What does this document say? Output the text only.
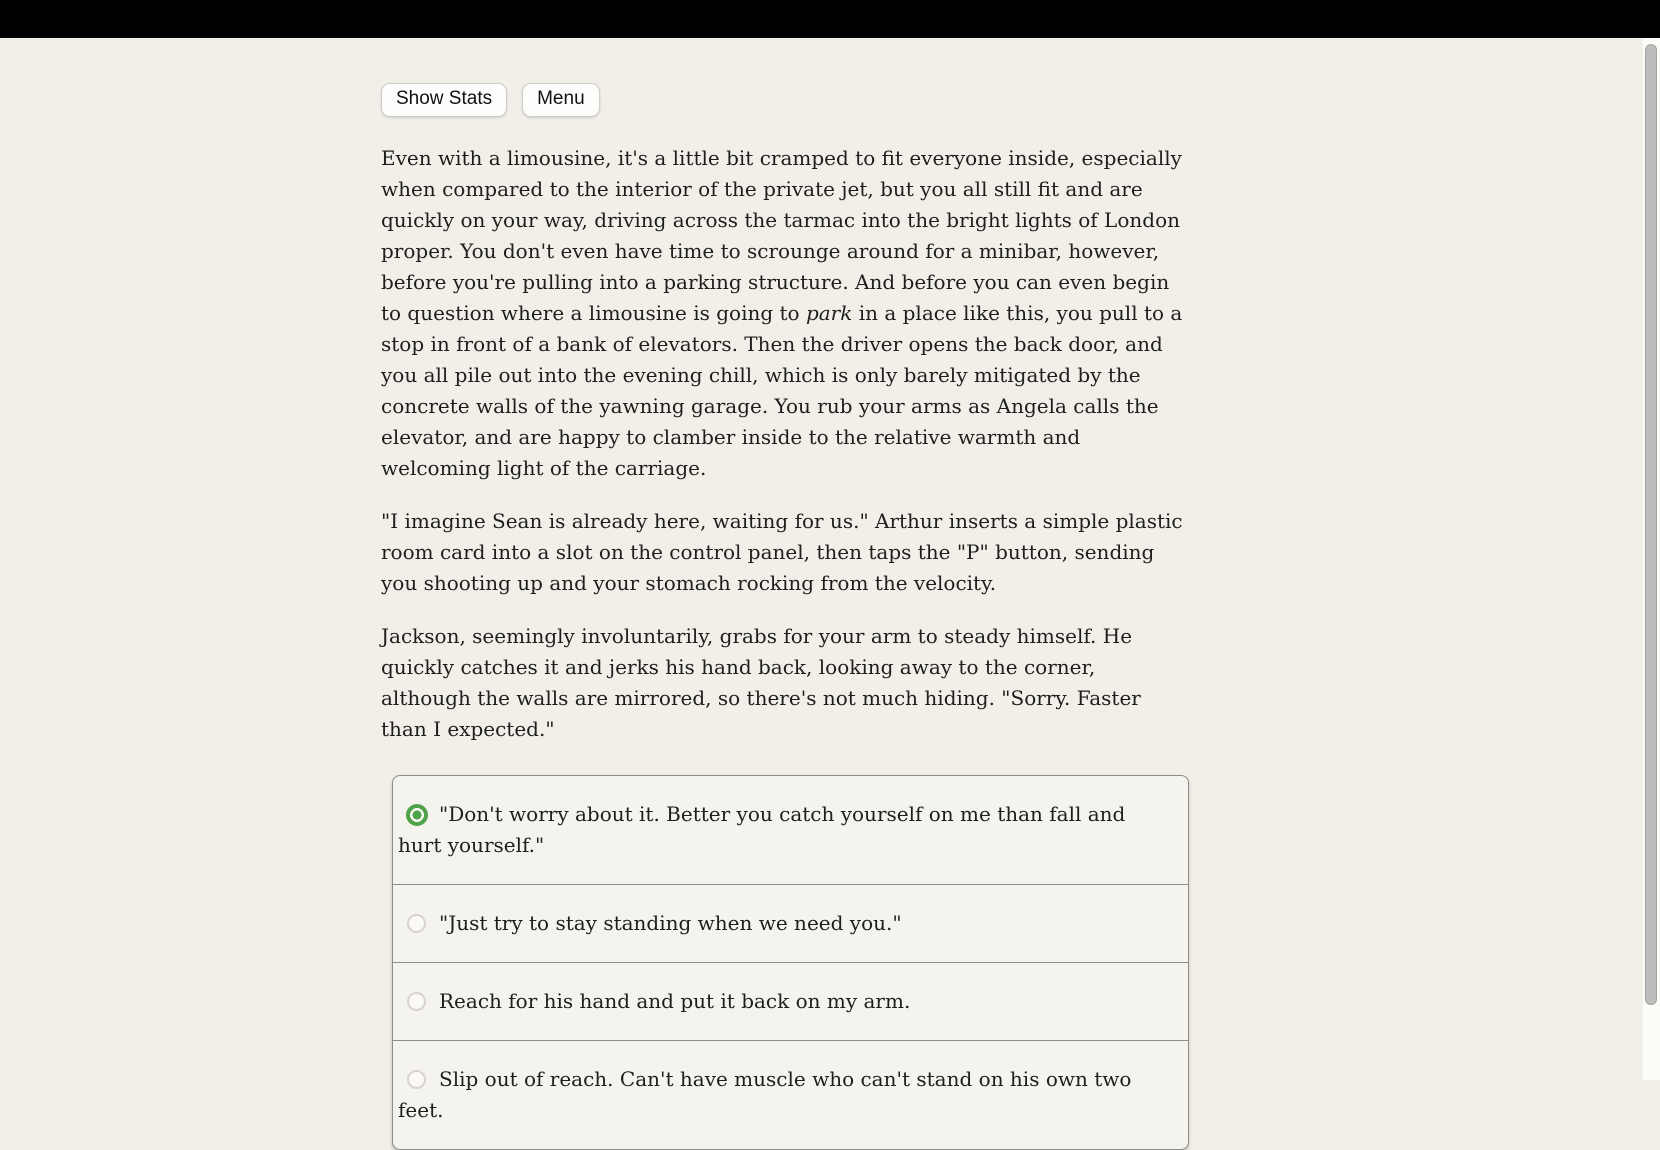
Show Stats	Menu

Even with a limousine, it's a little bit cramped to fit everyone inside, especially when compared to the interior of the private jet, but you all still fit and are quickly on your way, driving across the tarmac into the bright lights of London proper. You don't even have time to scrounge around for a minibar, however, before you're pulling into a parking structure. And before you can even begin to question where a limousine is going to park in a place like this, you pull to a stop in front of a bank of elevators. Then the driver opens the back door, and you all pile out into the evening chill, which is only barely mitigated by the concrete walls of the yawning garage. You rub your arms as Angela calls the elevator, and are happy to clamber inside to the relative warmth and welcoming light of the carriage.

"I imagine Sean is already here, waiting for us." Arthur inserts a simple plastic room card into a slot on the control panel, then taps the "P" button, sending you shooting up and your stomach rocking from the velocity.

Jackson, seemingly involuntarily, grabs for your arm to steady himself. He quickly catches it and jerks his hand back, looking away to the corner, although the walls are mirrored, so there's not much hiding. "Sorry. Faster than I expected."

"Don't worry about it. Better you catch yourself on me than fall and hurt yourself."
"Just try to stay standing when we need you."
Reach for his hand and put it back on my arm.
Slip out of reach. Can't have muscle who can't stand on his own two feet.
